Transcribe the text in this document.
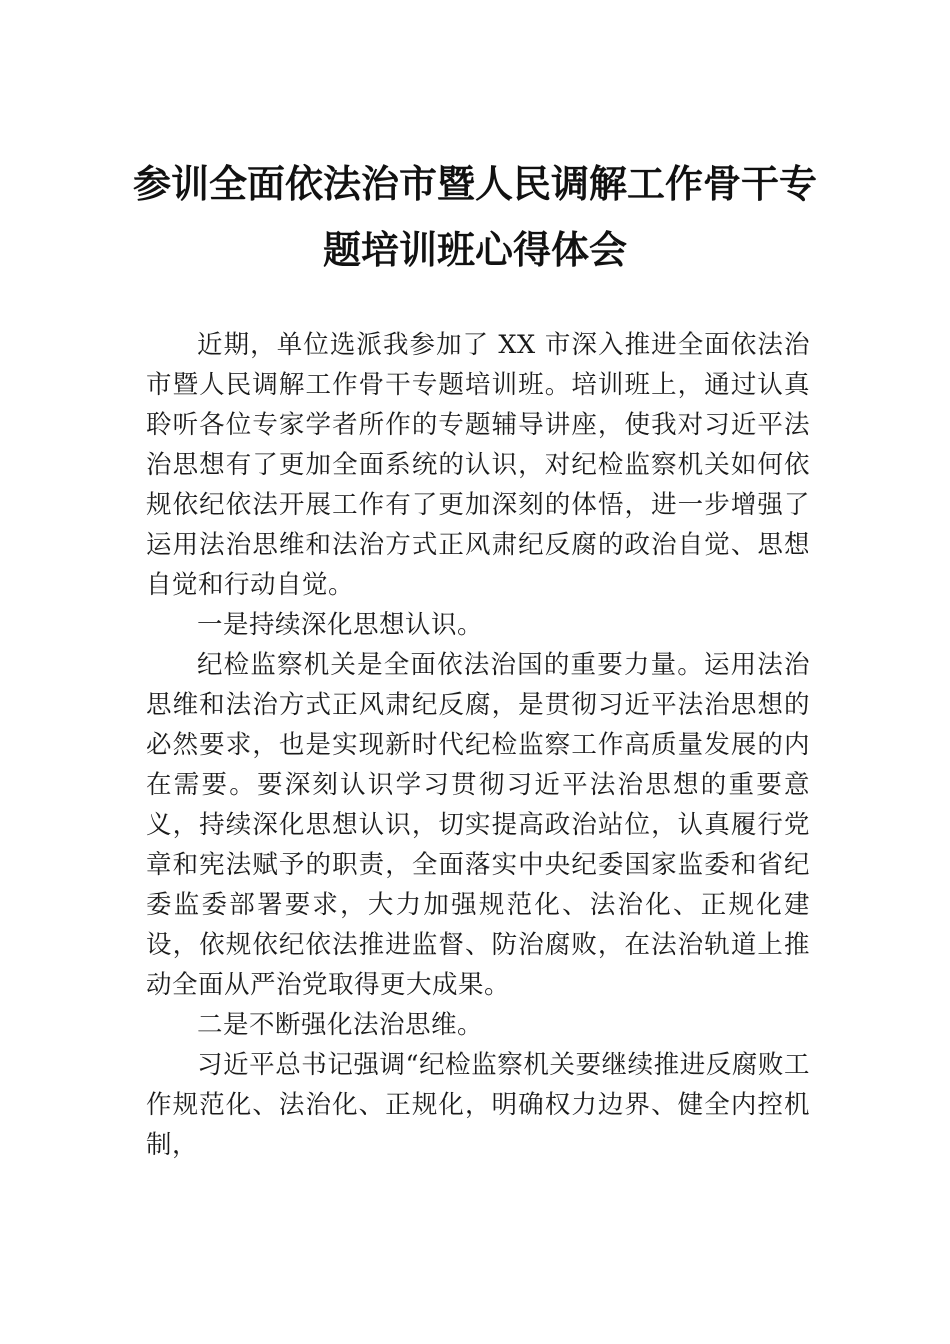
参训全面依法治市暨人民调解工作骨干专
题培训班心得体会

近期，单位选派我参加了 XX 市深入推进全面依法治市暨人民调解工作骨干专题培训班。培训班上，通过认真聆听各位专家学者所作的专题辅导讲座，使我对习近平法治思想有了更加全面系统的认识，对纪检监察机关如何依规依纪依法开展工作有了更加深刻的体悟，进一步增强了运用法治思维和法治方式正风肃纪反腐的政治自觉、思想自觉和行动自觉。

一是持续深化思想认识。

纪检监察机关是全面依法治国的重要力量。运用法治思维和法治方式正风肃纪反腐，是贯彻习近平法治思想的必然要求，也是实现新时代纪检监察工作高质量发展的内在需要。要深刻认识学习贯彻习近平法治思想的重要意义，持续深化思想认识，切实提高政治站位，认真履行党章和宪法赋予的职责，全面落实中央纪委国家监委和省纪委监委部署要求，大力加强规范化、法治化、正规化建设，依规依纪依法推进监督、防治腐败，在法治轨道上推动全面从严治党取得更大成果。

二是不断强化法治思维。

习近平总书记强调“纪检监察机关要继续推进反腐败工作规范化、法治化、正规化，明确权力边界、健全内控机制，
